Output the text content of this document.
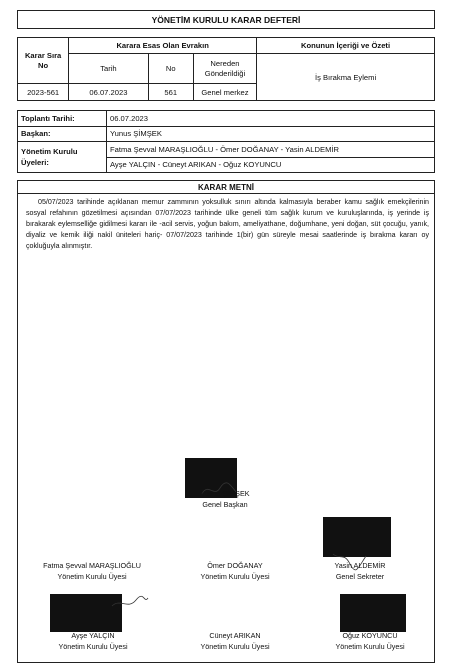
YÖNETİM KURULU KARAR DEFTERİ
Karar Sıra No	Karara Esas Olan Evrakın			Konunun İçeriği ve Özeti
	Tarih	No	Nereden Gönderildiği	İş Bırakma Eylemi
2023-561	06.07.2023	561	Genel merkez	
Toplantı Tarihi:	06.07.2023
Başkan:	Yunus ŞİMŞEK
Yönetim Kurulu Üyeleri:	Fatma Şevval MARAŞLIOĞLU - Ömer DOĞANAY - Yasin ALDEMİR
	Ayşe YALÇIN - Cüneyt ARIKAN - Oğuz KOYUNCU
KARAR METNİ
05/07/2023 tarihinde açıklanan memur zammının yoksulluk sınırı altında kalmasıyla beraber kamu sağlık emekçilerinin sosyal refahının gözetilmesi açısından 07/07/2023 tarihinde ülke geneli tüm sağlık kurum ve kuruluşlarında, iş yerinde iş bırakarak eylemselliğe gidilmesi kararı ile -acil servis, yoğun bakım, ameliyathane, doğumhane, yeni doğan, süt çocuğu, yanık, diyaliz ve kemik iliği nakil üniteleri hariç- 07/07/2023 tarihinde 1(bir) gün süreyle mesai saatlerinde iş bırakma kararı oy çokluğuyla alınmıştır.
Yunus ŞİMŞEK
Genel Başkan
Fatma Şevval MARAŞLIOĞLU
Yönetim Kurulu Üyesi
Ömer DOĞANAY
Yönetim Kurulu Üyesi
Yasin ALDEMİR
Genel Sekreter
Ayşe YALÇIN
Yönetim Kurulu Üyesi
Cüneyt ARIKAN
Yönetim Kurulu Üyesi
Oğuz KOYUNCU
Yönetim Kurulu Üyesi
